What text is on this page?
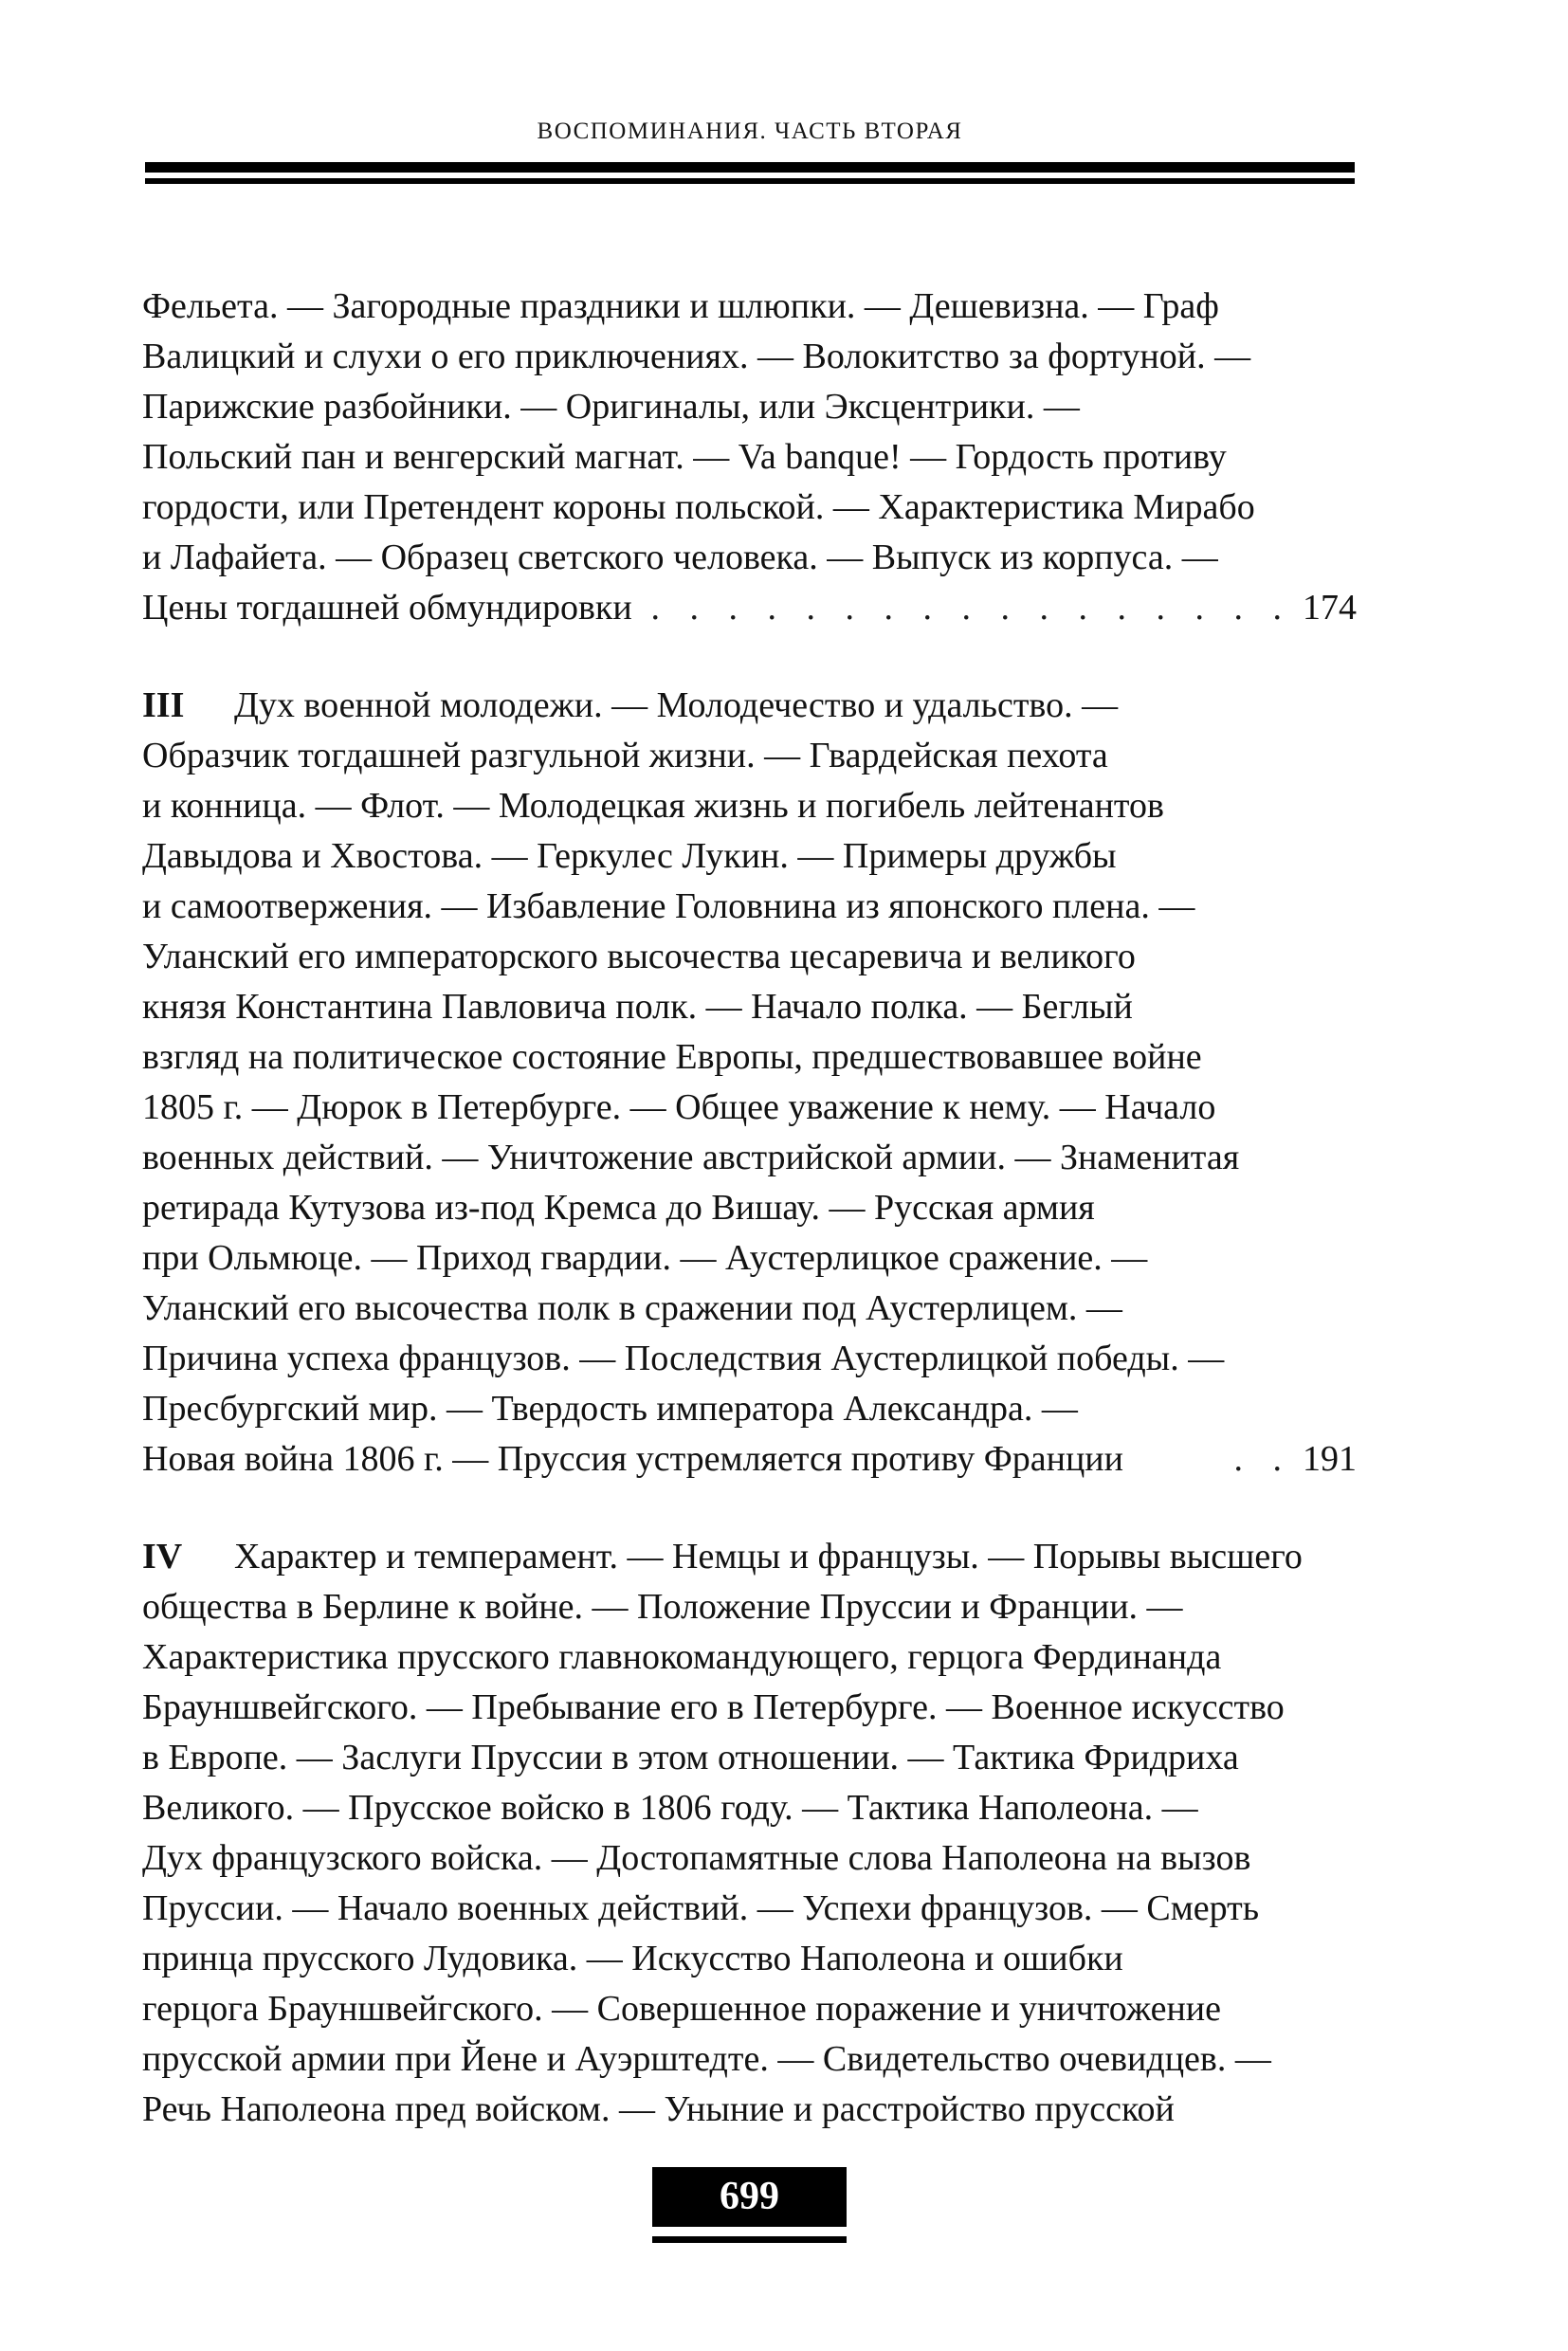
ВОСПОМИНАНИЯ. ЧАСТЬ ВТОРАЯ
Фельета. — Загородные праздники и шлюпки. — Дешевизна. — Граф
Валицкий и слухи о его приключениях. — Волокитство за фортуной. —
Парижские разбойники. — Оригиналы, или Эксцентрики. —
Польский пан и венгерский магнат. — Va banque! — Гордость противу
гордости, или Претендент короны польской. — Характеристика Мирабо
и Лафайета. — Образец светского человека. — Выпуск из корпуса. —
Цены тогдашней обмундировки . . . . . . . . . . . . . . . . . 174
III Дух военной молодежи. — Молодечество и удальство. —
Образчик тогдашней разгульной жизни. — Гвардейская пехота
и конница. — Флот. — Молодецкая жизнь и погибель лейтенантов
Давыдова и Хвостова. — Геркулес Лукин. — Примеры дружбы
и самоотвержения. — Избавление Головнина из японского плена. —
Уланский его императорского высочества цесаревича и великого
князя Константина Павловича полк. — Начало полка. — Беглый
взгляд на политическое состояние Европы, предшествовавшее войне
1805 г. — Дюрок в Петербурге. — Общее уважение к нему. — Начало
военных действий. — Уничтожение австрийской армии. — Знаменитая
ретирада Кутузова из-под Кремса до Вишау. — Русская армия
при Ольмюце. — Приход гвардии. — Аустерлицкое сражение. —
Уланский его высочества полк в сражении под Аустерлицем. —
Причина успеха французов. — Последствия Аустерлицкой победы. —
Пресбургский мир. — Твердость императора Александра. —
Новая война 1806 г. — Пруссия устремляется противу Франции	. . 191
IV Характер и темперамент. — Немцы и французы. — Порывы высшего
общества в Берлине к войне. — Положение Пруссии и Франции. —
Характеристика прусского главнокомандующего, герцога Фердинанда
Брауншвейгского. — Пребывание его в Петербурге. — Военное искусство
в Европе. — Заслуги Пруссии в этом отношении. — Тактика Фридриха
Великого. — Прусское войско в 1806 году. — Тактика Наполеона. —
Дух французского войска. — Достопамятные слова Наполеона на вызов
Пруссии. — Начало военных действий. — Успехи французов. — Смерть
принца прусского Лудовика. — Искусство Наполеона и ошибки
герцога Брауншвейгского. — Совершенное поражение и уничтожение
прусской армии при Йене и Ауэрштедте. — Свидетельство очевидцев. —
Речь Наполеона пред войском. — Уныние и расстройство прусской
699
